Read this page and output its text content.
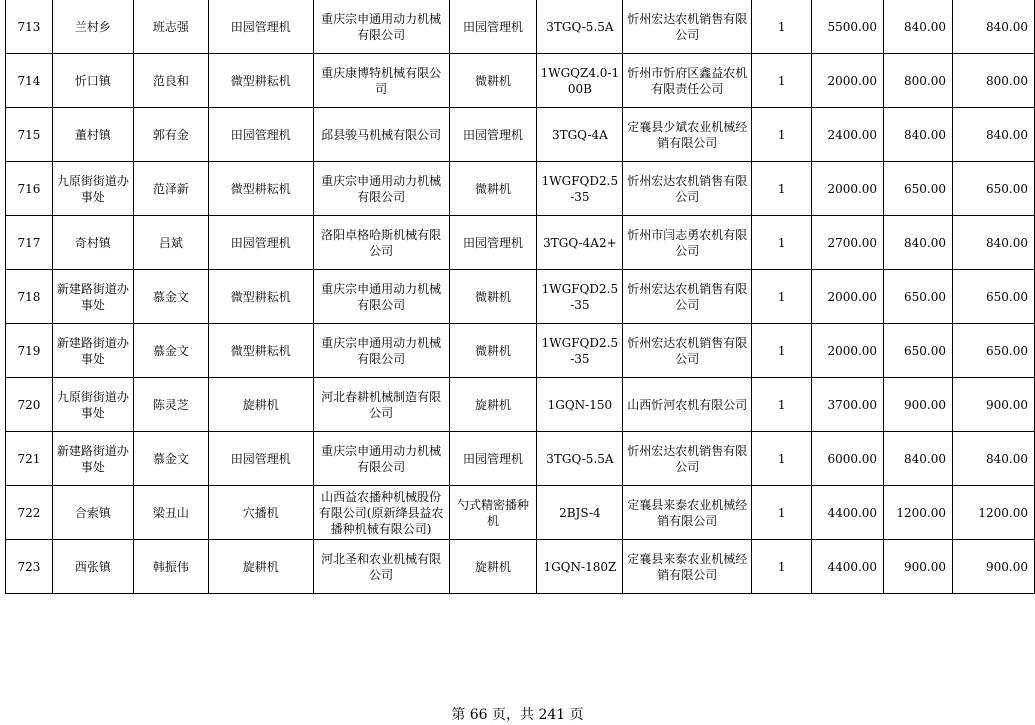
713	兰村乡	班志强	田园管理机	重庆宗申通用动力机械有限公司	田园管理机	3TGQ-5.5A	忻州宏达农机销售有限公司	1	5500.00	840.00	840.00
714	忻口镇	范良和	微型耕耘机	重庆康博特机械有限公司	微耕机	1WGQZ4.0-100B	忻州市忻府区鑫益农机有限责任公司	1	2000.00	800.00	800.00
715	董村镇	郭有金	田园管理机	邱县骏马机械有限公司	田园管理机	3TGQ-4A	定襄县少斌农业机械经销有限公司	1	2400.00	840.00	840.00
716	九原街街道办事处	范泽新	微型耕耘机	重庆宗申通用动力机械有限公司	微耕机	1WGFQD2.5-35	忻州宏达农机销售有限公司	1	2000.00	650.00	650.00
717	奇村镇	吕斌	田园管理机	洛阳卓格哈斯机械有限公司	田园管理机	3TGQ-4A2+	忻州市闫志勇农机有限公司	1	2700.00	840.00	840.00
718	新建路街道办事处	慕金文	微型耕耘机	重庆宗申通用动力机械有限公司	微耕机	1WGFQD2.5-35	忻州宏达农机销售有限公司	1	2000.00	650.00	650.00
719	新建路街道办事处	慕金文	微型耕耘机	重庆宗申通用动力机械有限公司	微耕机	1WGFQD2.5-35	忻州宏达农机销售有限公司	1	2000.00	650.00	650.00
720	九原街街道办事处	陈灵芝	旋耕机	河北春耕机械制造有限公司	旋耕机	1GQN-150	山西忻河农机有限公司	1	3700.00	900.00	900.00
721	新建路街道办事处	慕金文	田园管理机	重庆宗申通用动力机械有限公司	田园管理机	3TGQ-5.5A	忻州宏达农机销售有限公司	1	6000.00	840.00	840.00
722	合索镇	梁丑山	穴播机	山西益农播种机械股份有限公司(原新绛县益农播种机械有限公司)	勺式精密播种机	2BJS-4	定襄县来泰农业机械经销有限公司	1	4400.00	1200.00	1200.00
723	西张镇	韩振伟	旋耕机	河北圣和农业机械有限公司	旋耕机	1GQN-180Z	定襄县来泰农业机械经销有限公司	1	4400.00	900.00	900.00
第 66 页，共 241 页
